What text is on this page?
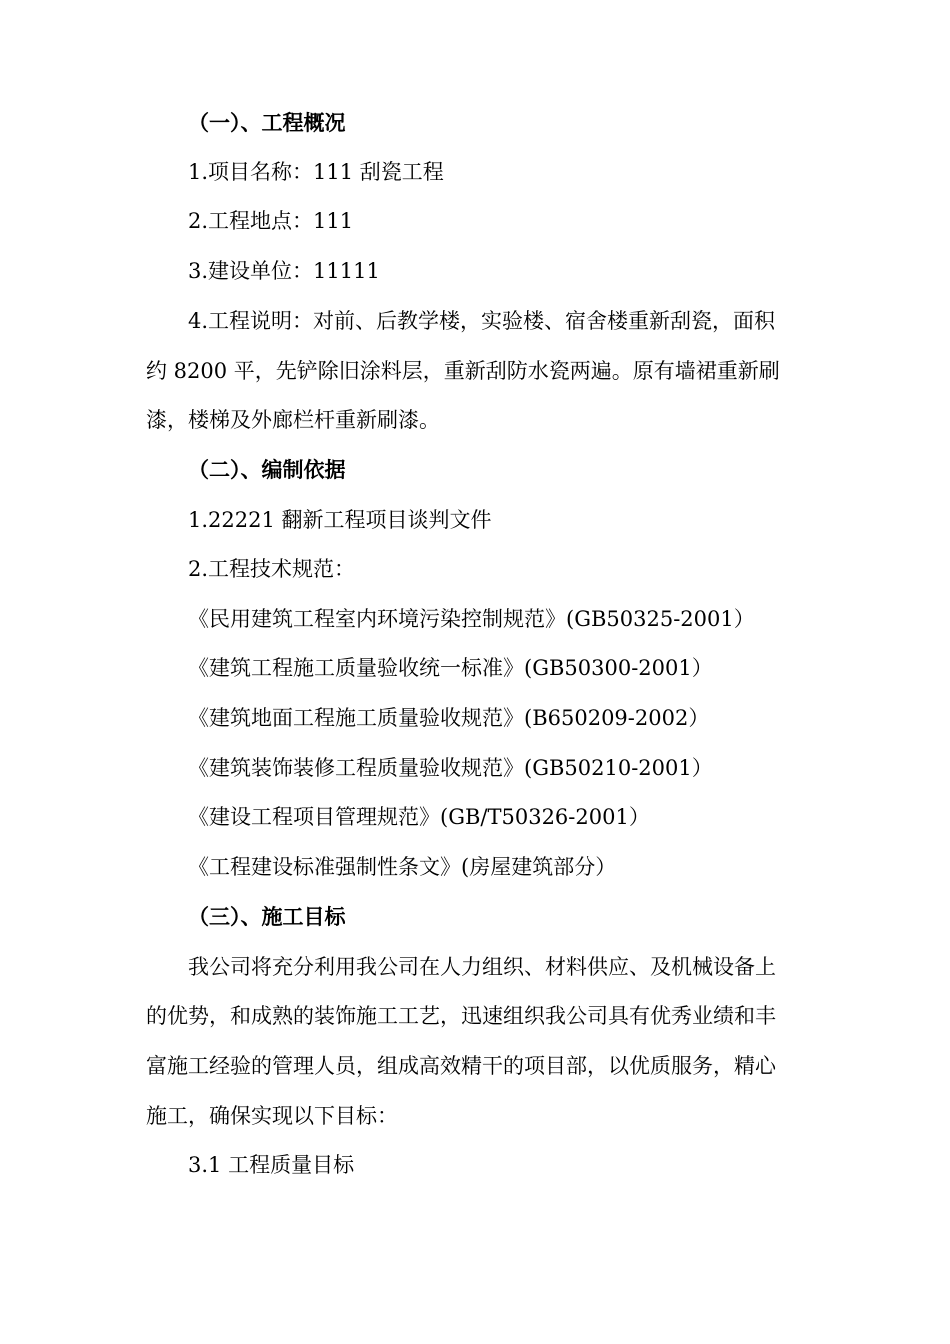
（一）、工程概况
1.项目名称：111 刮瓷工程
2.工程地点：111
3.建设单位：11111
4.工程说明：对前、后教学楼，实验楼、宿舍楼重新刮瓷，面积
约 8200 平，先铲除旧涂料层，重新刮防水瓷两遍。原有墙裙重新刷
漆，楼梯及外廊栏杆重新刷漆。
（二）、编制依据
1.22221 翻新工程项目谈判文件
2.工程技术规范：
《民用建筑工程室内环境污染控制规范》(GB50325-2001）
《建筑工程施工质量验收统一标准》(GB50300-2001）
《建筑地面工程施工质量验收规范》(B650209-2002）
《建筑装饰装修工程质量验收规范》(GB50210-2001）
《建设工程项目管理规范》(GB/T50326-2001）
《工程建设标准强制性条文》(房屋建筑部分）
（三）、施工目标
我公司将充分利用我公司在人力组织、材料供应、及机械设备上
的优势，和成熟的装饰施工工艺，迅速组织我公司具有优秀业绩和丰
富施工经验的管理人员，组成高效精干的项目部，以优质服务，精心
施工，确保实现以下目标：
3.1 工程质量目标
